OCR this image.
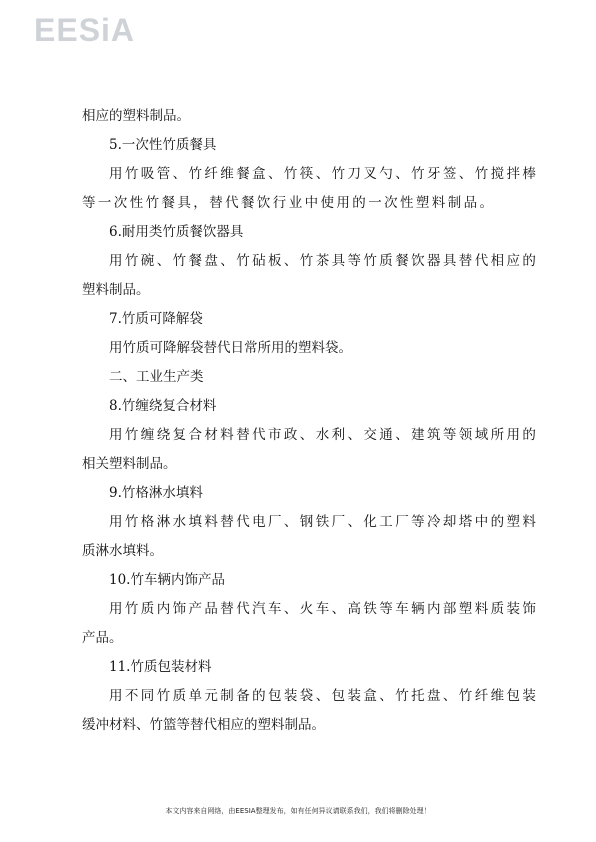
EESiA

相应的塑料制品。

5.一次性竹质餐具

用竹吸管、竹纤维餐盒、竹筷、竹刀叉勺、竹牙签、竹搅拌棒

等一次性竹餐具，替代餐饮行业中使用的一次性塑料制品。

6.耐用类竹质餐饮器具

用竹碗、竹餐盘、竹砧板、竹茶具等竹质餐饮器具替代相应的

塑料制品。

7.竹质可降解袋

用竹质可降解袋替代日常所用的塑料袋。

二、工业生产类

8.竹缠绕复合材料

用竹缠绕复合材料替代市政、水利、交通、建筑等领域所用的

相关塑料制品。

9.竹格淋水填料

用竹格淋水填料替代电厂、钢铁厂、化工厂等冷却塔中的塑料

质淋水填料。

10.竹车辆内饰产品

用竹质内饰产品替代汽车、火车、高铁等车辆内部塑料质装饰

产品。

11.竹质包装材料

用不同竹质单元制备的包装袋、包装盒、竹托盘、竹纤维包装

缓冲材料、竹篮等替代相应的塑料制品。

本文内容来自网络，由EESIA整理发布，如有任何异议请联系我们，我们将删除处理！
